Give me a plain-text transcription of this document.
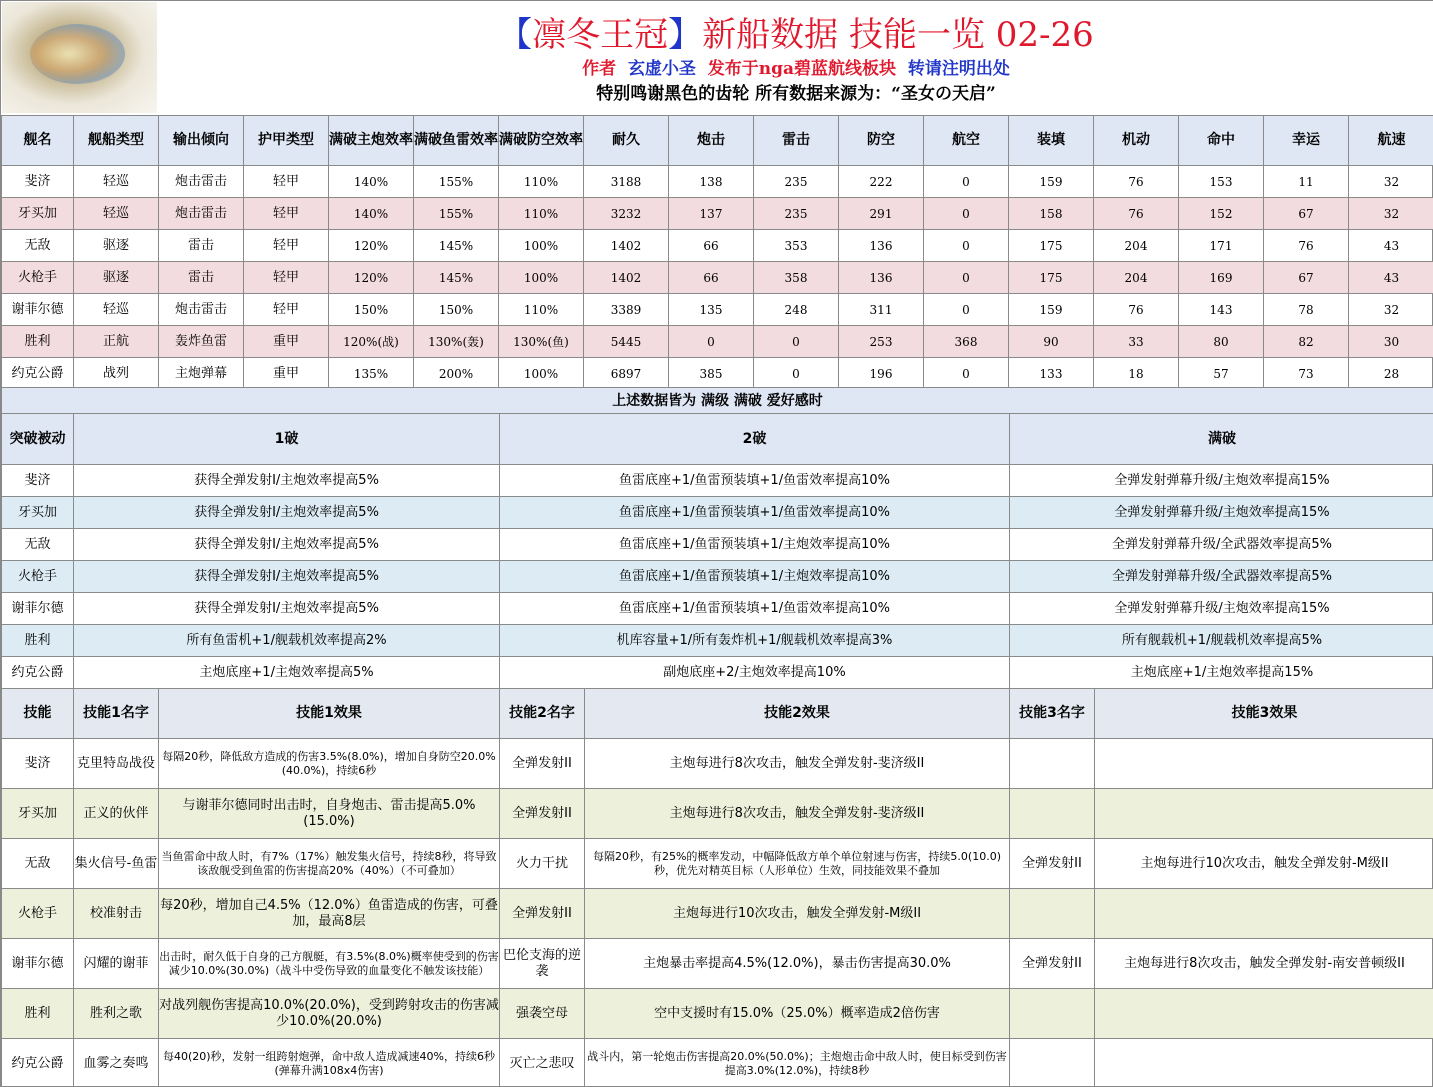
【凛冬王冠】新船数据 技能一览 02-26
作者 玄虚小圣 发布于nga碧蓝航线板块 转请注明出处
特别鸣谢黑色的齿轮 所有数据来源为：“圣女の天启”
舰名	舰船类型	输出倾向	护甲类型	满破主炮效率	满破鱼雷效率	满破防空效率	耐久	炮击	雷击	防空	航空	装填	机动	命中	幸运	航速
斐济	轻巡	炮击雷击	轻甲	140%	155%	110%	3188	138	235	222	0	159	76	153	11	32
牙买加	轻巡	炮击雷击	轻甲	140%	155%	110%	3232	137	235	291	0	158	76	152	67	32
无敌	驱逐	雷击	轻甲	120%	145%	100%	1402	66	353	136	0	175	204	171	76	43
火枪手	驱逐	雷击	轻甲	120%	145%	100%	1402	66	358	136	0	175	204	169	67	43
谢菲尔德	轻巡	炮击雷击	轻甲	150%	150%	110%	3389	135	248	311	0	159	76	143	78	32
胜利	正航	轰炸鱼雷	重甲	120%(战)	130%(轰)	130%(鱼)	5445	0	0	253	368	90	33	80	82	30
约克公爵	战列	主炮弹幕	重甲	135%	200%	100%	6897	385	0	196	0	133	18	57	73	28
上述数据皆为 满级 满破 爱好感时
突破被动	1破	2破	满破
斐济	获得全弹发射I/主炮效率提高5%	鱼雷底座+1/鱼雷预装填+1/鱼雷效率提高10%	全弹发射弹幕升级/主炮效率提高15%
牙买加	获得全弹发射I/主炮效率提高5%	鱼雷底座+1/鱼雷预装填+1/鱼雷效率提高10%	全弹发射弹幕升级/主炮效率提高15%
无敌	获得全弹发射I/主炮效率提高5%	鱼雷底座+1/鱼雷预装填+1/主炮效率提高10%	全弹发射弹幕升级/全武器效率提高5%
火枪手	获得全弹发射I/主炮效率提高5%	鱼雷底座+1/鱼雷预装填+1/主炮效率提高10%	全弹发射弹幕升级/全武器效率提高5%
谢菲尔德	获得全弹发射I/主炮效率提高5%	鱼雷底座+1/鱼雷预装填+1/鱼雷效率提高10%	全弹发射弹幕升级/主炮效率提高15%
胜利	所有鱼雷机+1/舰载机效率提高2%	机库容量+1/所有轰炸机+1/舰载机效率提高3%	所有舰载机+1/舰载机效率提高5%
约克公爵	主炮底座+1/主炮效率提高5%	副炮底座+2/主炮效率提高10%	主炮底座+1/主炮效率提高15%
技能	技能1名字	技能1效果	技能2名字	技能2效果	技能3名字	技能3效果
斐济	克里特岛战役	每隔20秒，降低敌方造成的伤害3.5%(8.0%)，增加自身防空20.0%(40.0%)，持续6秒	全弹发射II	主炮每进行8次攻击，触发全弹发射-斐济级II		
牙买加	正义的伙伴	与谢菲尔德同时出击时，自身炮击、雷击提高5.0%(15.0%)	全弹发射II	主炮每进行8次攻击，触发全弹发射-斐济级II		
无敌	集火信号-鱼雷	当鱼雷命中敌人时，有7%（17%）触发集火信号，持续8秒，将导致该敌舰受到鱼雷的伤害提高20%（40%）（不可叠加）	火力干扰	每隔20秒，有25%的概率发动，中幅降低敌方单个单位射速与伤害，持续5.0(10.0)秒，优先对精英目标（人形单位）生效，同技能效果不叠加	全弹发射II	主炮每进行10次攻击，触发全弹发射-M级II
火枪手	校准射击	每20秒，增加自己4.5%（12.0%）鱼雷造成的伤害，可叠加，最高8层	全弹发射II	主炮每进行10次攻击，触发全弹发射-M级II		
谢菲尔德	闪耀的谢菲	出击时，耐久低于自身的己方舰艇，有3.5%(8.0%)概率使受到的伤害减少10.0%(30.0%)（战斗中受伤导致的血量变化不触发该技能）	巴伦支海的逆袭	主炮暴击率提高4.5%(12.0%)，暴击伤害提高30.0%	全弹发射II	主炮每进行8次攻击，触发全弹发射-南安普顿级II
胜利	胜利之歌	对战列舰伤害提高10.0%(20.0%)，受到跨射攻击的伤害减少10.0%(20.0%)	强袭空母	空中支援时有15.0%（25.0%）概率造成2倍伤害		
约克公爵	血雾之奏鸣	每40(20)秒，发射一组跨射炮弹，命中敌人造成减速40%，持续6秒 (弹幕升满108x4伤害)	灭亡之悲叹	战斗内，第一轮炮击伤害提高20.0%(50.0%)；主炮炮击命中敌人时，使目标受到伤害提高3.0%(12.0%)，持续8秒		
